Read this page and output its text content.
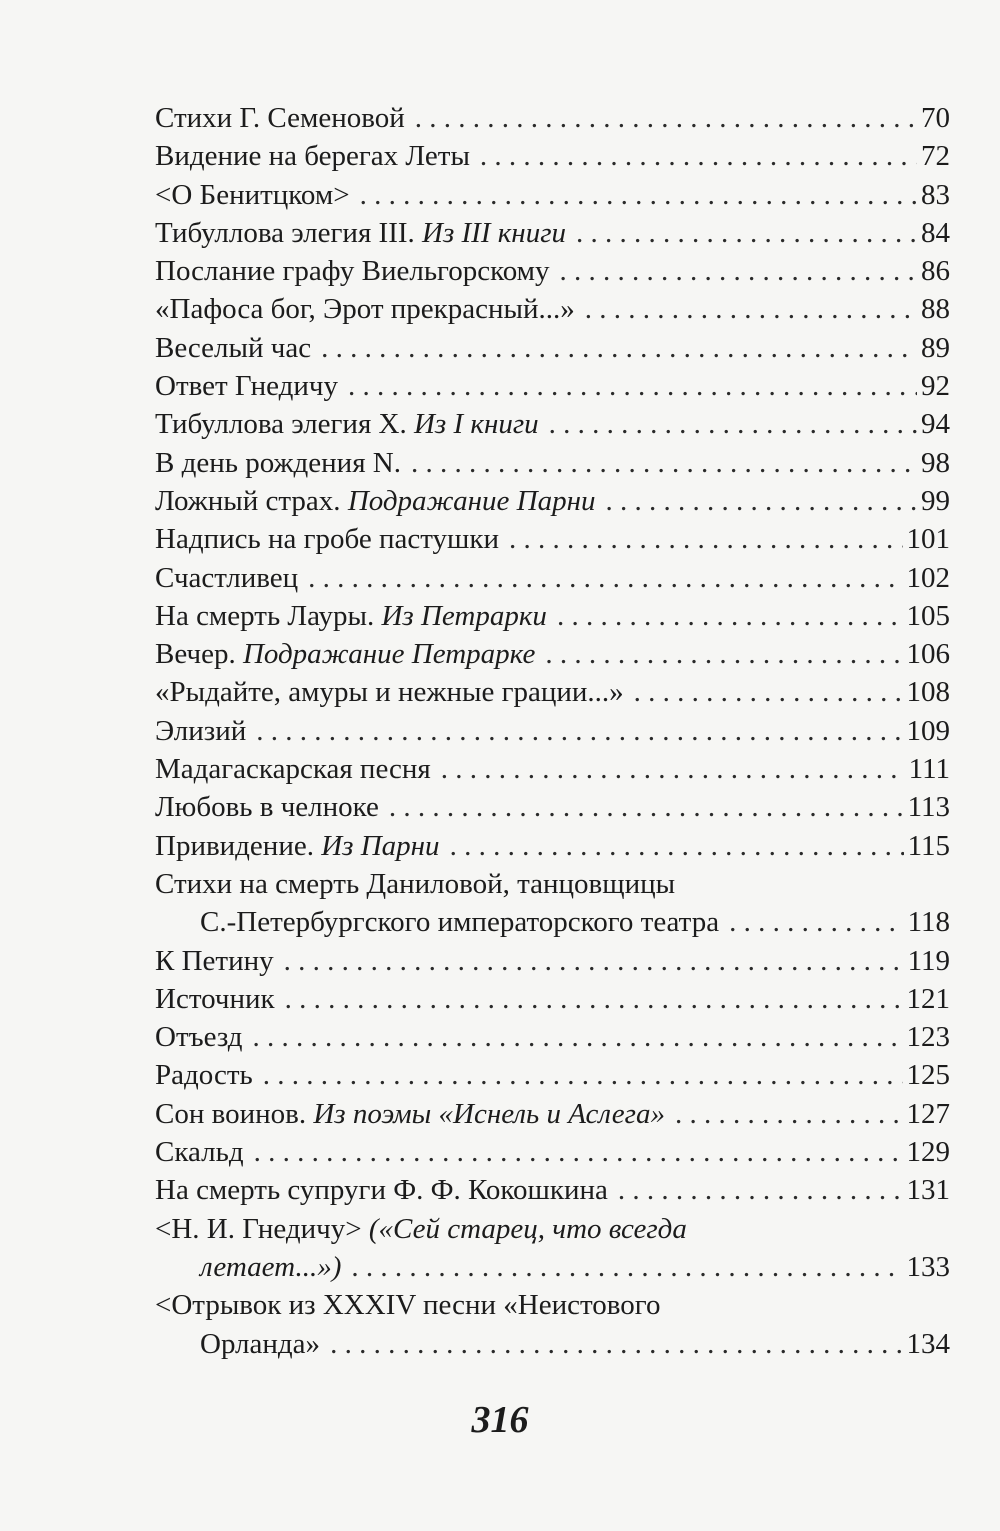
Стихи Г. Семеновой . . .	70
Видение на берегах Леты . . .	72
<О Бенитцком> . . .	83
Тибуллова элегия III. Из III книги . . .	84
Послание графу Виельгорскому . . .	86
«Пафоса бог, Эрот прекрасный...» . . .	88
Веселый час . . .	89
Ответ Гнедичу . . .	92
Тибуллова элегия X. Из I книги . . .	94
В день рождения N. . . .	98
Ложный страх. Подражание Парни . . .	99
Надпись на гробе пастушки . . .	101
Счастливец . . .	102
На смерть Лауры. Из Петрарки . . .	105
Вечер. Подражание Петрарке . . .	106
«Рыдайте, амуры и нежные грации...» . . .	108
Элизий . . .	109
Мадагаскарская песня . . .	111
Любовь в челноке . . .	113
Привидение. Из Парни . . .	115
Стихи на смерть Даниловой, танцовщицы
С.-Петербургского императорского театра . . .	118
К Петину . . .	119
Источник . . .	121
Отъезд . . .	123
Радость . . .	125
Сон воинов. Из поэмы «Иснель и Аслега» . . .	127
Скальд . . .	129
На смерть супруги Ф. Ф. Кокошкина . . .	131
<Н. И. Гнедичу> («Сей старец, что всегда
летает...») . . .	133
<Отрывок из XXXIV песни «Неистового
Орланда» . . .	134
316
